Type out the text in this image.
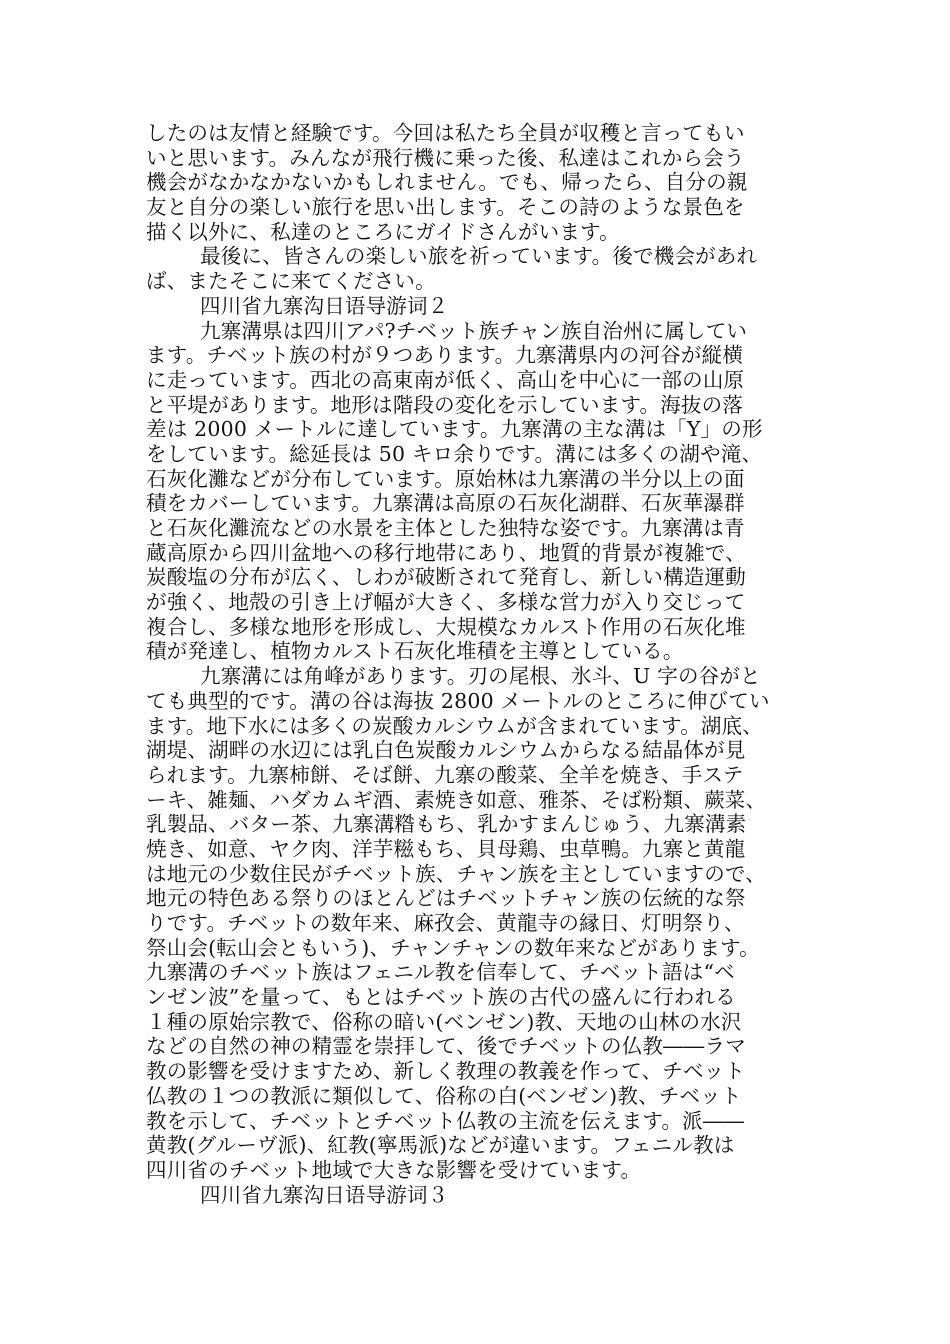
したのは友情と経験です。今回は私たち全員が収穫と言ってもい
いと思います。みんなが飛行機に乗った後、私達はこれから会う
機会がなかなかないかもしれません。でも、帰ったら、自分の親
友と自分の楽しい旅行を思い出します。そこの詩のような景色を
描く以外に、私達のところにガイドさんがいます。
最後に、皆さんの楽しい旅を祈っています。後で機会があれ
ば、またそこに来てください。
四川省九寨沟日语导游词２
九寨溝県は四川アパ?チベット族チャン族自治州に属してい
ます。チベット族の村が９つあります。九寨溝県内の河谷が縦横
に走っています。西北の高東南が低く、高山を中心に一部の山原
と平堤があります。地形は階段の変化を示しています。海抜の落
差は 2000 メートルに達しています。九寨溝の主な溝は「Y」の形
をしています。総延長は 50 キロ余りです。溝には多くの湖や滝、
石灰化灘などが分布しています。原始林は九寨溝の半分以上の面
積をカバーしています。九寨溝は高原の石灰化湖群、石灰華瀑群
と石灰化灘流などの水景を主体とした独特な姿です。九寨溝は青
蔵高原から四川盆地への移行地帯にあり、地質的背景が複雑で、
炭酸塩の分布が広く、しわが破断されて発育し、新しい構造運動
が強く、地殻の引き上げ幅が大きく、多様な営力が入り交じって
複合し、多様な地形を形成し、大規模なカルスト作用の石灰化堆
積が発達し、植物カルスト石灰化堆積を主導としている。
九寨溝には角峰があります。刃の尾根、氷斗、U 字の谷がと
ても典型的です。溝の谷は海抜 2800 メートルのところに伸びてい
ます。地下水には多くの炭酸カルシウムが含まれています。湖底、
湖堤、湖畔の水辺には乳白色炭酸カルシウムからなる結晶体が見
られます。九寨柿餅、そば餅、九寨の酸菜、全羊を焼き、手ステ
ーキ、雑麺、ハダカムギ酒、素焼き如意、雅茶、そば粉類、蕨菜、
乳製品、バター茶、九寨溝糌もち、乳かすまんじゅう、九寨溝素
焼き、如意、ヤク肉、洋芋糍もち、貝母鶏、虫草鴨。九寨と黄龍
は地元の少数住民がチベット族、チャン族を主としていますので、
地元の特色ある祭りのほとんどはチベットチャン族の伝統的な祭
りです。チベットの数年来、麻孜会、黄龍寺の縁日、灯明祭り、
祭山会(転山会ともいう)、チャンチャンの数年来などがあります。
九寨溝のチベット族はフェニル教を信奉して、チベット語は“ベ
ンゼン波”を量って、もとはチベット族の古代の盛んに行われる
１種の原始宗教で、俗称の暗い(ベンゼン)教、天地の山林の水沢
などの自然の神の精霊を崇拝して、後でチベットの仏教――ラマ
教の影響を受けますため、新しく教理の教義を作って、チベット
仏教の１つの教派に類似して、俗称の白(ベンゼン)教、チベット
教を示して、チベットとチベット仏教の主流を伝えます。派――
黄教(グルーヴ派)、紅教(寧馬派)などが違います。フェニル教は
四川省のチベット地域で大きな影響を受けています。
四川省九寨沟日语导游词３
